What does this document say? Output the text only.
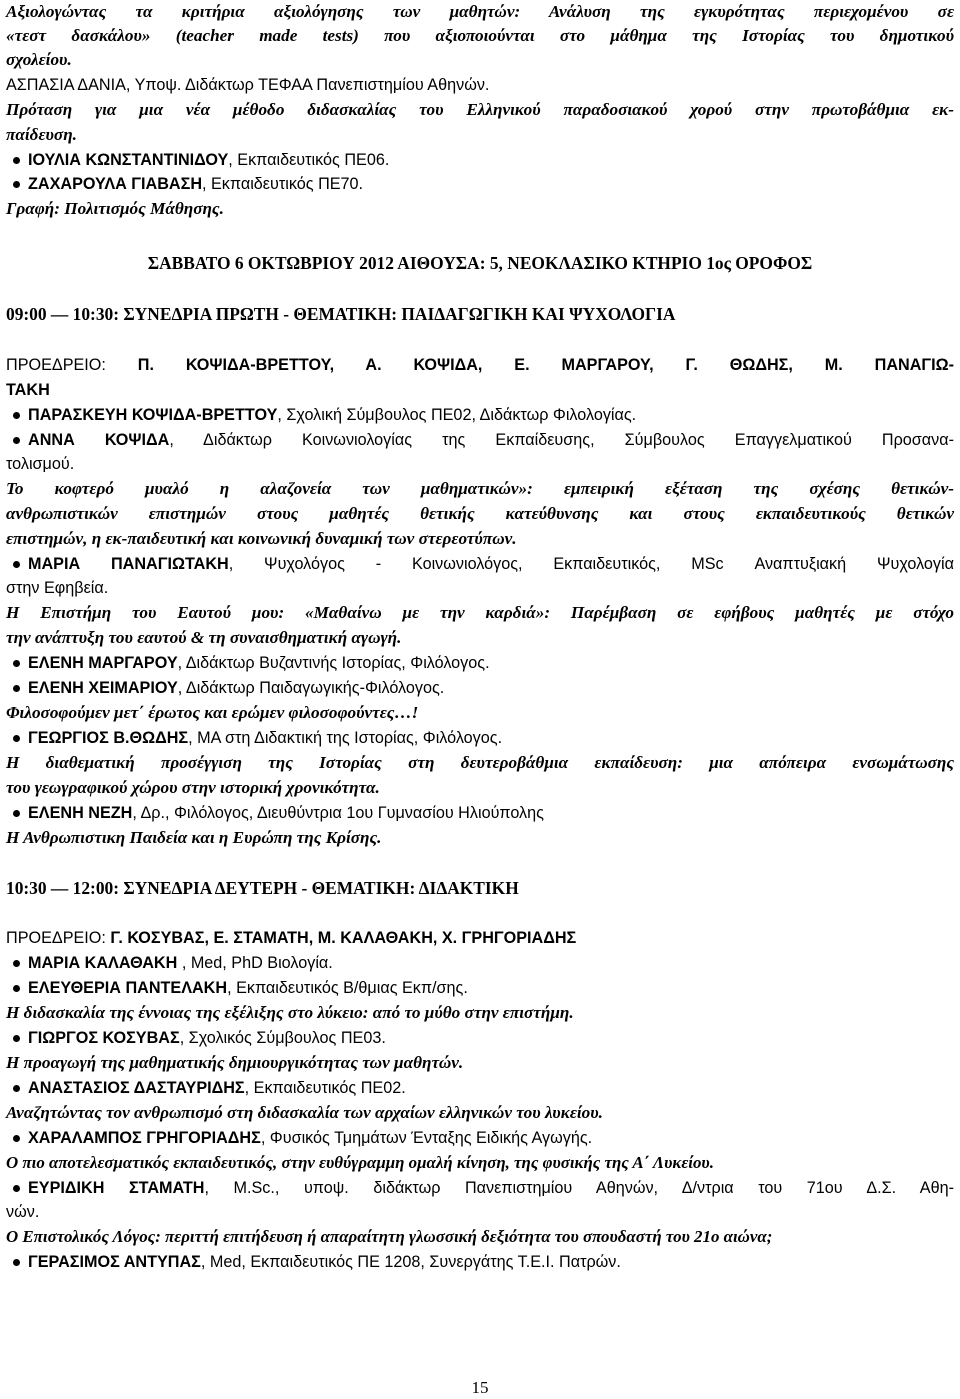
Αξιολογώντας τα κριτήρια αξιολόγησης των μαθητών: Ανάλυση της εγκυρότητας περιεχομένου σε
«τεστ δασκάλου» (teacher made tests) που αξιοποιούνται στο μάθημα της Ιστορίας του δημοτικού
σχολείου.
ΑΣΠΑΣΙΑ ΔΑΝΙΑ, Υποψ. Διδάκτωρ ΤΕΦΑΑ Πανεπιστημίου Αθηνών.
Πρόταση για μια νέα μέθοδο διδασκαλίας του Ελληνικού παραδοσιακού χορού στην πρωτοβάθμια εκ-
παίδευση.
ΙΟΥΛΙΑ ΚΩΝΣΤΑΝΤΙΝΙΔΟΥ, Εκπαιδευτικός ΠΕ06.
ΖΑΧΑΡΟΥΛΑ ΓΙΑΒΑΣΗ, Εκπαιδευτικός ΠΕ70.
Γραφή: Πολιτισμός Μάθησης.
ΣΑΒΒΑΤΟ 6 ΟΚΤΩΒΡΙΟΥ 2012 ΑΙΘΟΥΣΑ: 5, ΝΕΟΚΛΑΣΙΚΟ ΚΤΗΡΙΟ 1ος ΟΡΟΦΟΣ
09:00 — 10:30: ΣΥΝΕΔΡΙΑ ΠΡΩΤΗ - ΘΕΜΑΤΙΚΗ: ΠΑΙΔΑΓΩΓΙΚΗ ΚΑΙ ΨΥΧΟΛΟΓΙΑ
ΠΡΟΕΔΡΕΙΟ: Π. ΚΟΨΙΔΑ-ΒΡΕΤΤΟΥ, Α. ΚΟΨΙΔΑ, Ε. ΜΑΡΓΑΡΟΥ, Γ. ΘΩΔΗΣ, Μ. ΠΑΝΑΓΙΩ-
ΤΑΚΗ
ΠΑΡΑΣΚΕΥΗ ΚΟΨΙΔΑ-ΒΡΕΤΤΟΥ, Σχολική Σύμβουλος ΠΕ02, Διδάκτωρ Φιλολογίας.
ΑΝΝΑ ΚΟΨΙΔΑ, Διδάκτωρ Κοινωνιολογίας της Εκπαίδευσης, Σύμβουλος Επαγγελματικού Προσανα-
τολισμού.
Το κοφτερό μυαλό η αλαζονεία των μαθηματικών»: εμπειρική εξέταση της σχέσης θετικών-
ανθρωπιστικών επιστημών στους μαθητές θετικής κατεύθυνσης και στους εκπαιδευτικούς θετικών
επιστημών, η εκ-παιδευτική και κοινωνική δυναμική των στερεοτύπων.
ΜΑΡΙΑ ΠΑΝΑΓΙΩΤΑΚΗ, Ψυχολόγος - Κοινωνιολόγος, Εκπαιδευτικός, MSc Αναπτυξιακή Ψυχολογία
στην Εφηβεία.
Η Επιστήμη του Εαυτού μου: «Μαθαίνω με την καρδιά»: Παρέμβαση σε εφήβους μαθητές με στόχο
την ανάπτυξη του εαυτού & τη συναισθηματική αγωγή.
ΕΛΕΝΗ ΜΑΡΓΑΡΟΥ, Διδάκτωρ Βυζαντινής Ιστορίας, Φιλόλογος.
ΕΛΕΝΗ ΧΕΙΜΑΡΙΟΥ, Διδάκτωρ Παιδαγωγικής-Φιλόλογος.
Φιλοσοφούμεν μετ΄ έρωτος και ερώμεν φιλοσοφούντες…!
ΓΕΩΡΓΙΟΣ Β.ΘΩΔΗΣ, ΜΑ στη Διδακτική της Ιστορίας, Φιλόλογος.
Η διαθεματική προσέγγιση της Ιστορίας στη δευτεροβάθμια εκπαίδευση: μια απόπειρα ενσωμάτωσης
του γεωγραφικού χώρου στην ιστορική χρονικότητα.
ΕΛΕΝΗ ΝΕΖΗ, Δρ., Φιλόλογος, Διευθύντρια 1ου Γυμνασίου Ηλιούπολης
Η Ανθρωπιστικη Παιδεία και η Ευρώπη της Κρίσης.
10:30 — 12:00: ΣΥΝΕΔΡΙΑ ΔΕΥΤΕΡΗ - ΘΕΜΑΤΙΚΗ: ΔΙΔΑΚΤΙΚΗ
ΠΡΟΕΔΡΕΙΟ: Γ. ΚΟΣΥΒΑΣ, Ε. ΣΤΑΜΑΤΗ, Μ. ΚΑΛΑΘΑΚΗ, Χ. ΓΡΗΓΟΡΙΑΔΗΣ
ΜΑΡΙΑ ΚΑΛΑΘΑΚΗ , Med, PhD Βιολογία.
ΕΛΕΥΘΕΡΙΑ ΠΑΝΤΕΛΑΚΗ, Εκπαιδευτικός Β/θμιας Εκπ/σης.
Η διδασκαλία της έννοιας της εξέλιξης στο λύκειο: από το μύθο στην επιστήμη.
ΓΙΩΡΓΟΣ ΚΟΣΥΒΑΣ, Σχολικός Σύμβουλος ΠΕ03.
Η προαγωγή της μαθηματικής δημιουργικότητας των μαθητών.
ΑΝΑΣΤΑΣΙΟΣ ΔΑΣΤΑΥΡΙΔΗΣ, Εκπαιδευτικός ΠΕ02.
Αναζητώντας τον ανθρωπισμό στη διδασκαλία των αρχαίων ελληνικών του λυκείου.
ΧΑΡΑΛΑΜΠΟΣ ΓΡΗΓΟΡΙΑΔΗΣ, Φυσικός Τμημάτων Ένταξης Ειδικής Αγωγής.
Ο πιο αποτελεσματικός εκπαιδευτικός, στην ευθύγραμμη ομαλή κίνηση, της φυσικής της Α΄ Λυκείου.
ΕΥΡΙΔΙΚΗ ΣΤΑΜΑΤΗ, M.Sc., υποψ. διδάκτωρ Πανεπιστημίου Αθηνών, Δ/ντρια του 71ου Δ.Σ. Αθη-
νών.
Ο Επιστολικός Λόγος: περιττή επιτήδευση ή απαραίτητη γλωσσική δεξιότητα του σπουδαστή του 21ο αιώνα;
ΓΕΡΑΣΙΜΟΣ ΑΝΤΥΠΑΣ, Med, Εκπαιδευτικός ΠΕ 1208, Συνεργάτης Τ.Ε.Ι. Πατρών.
15
